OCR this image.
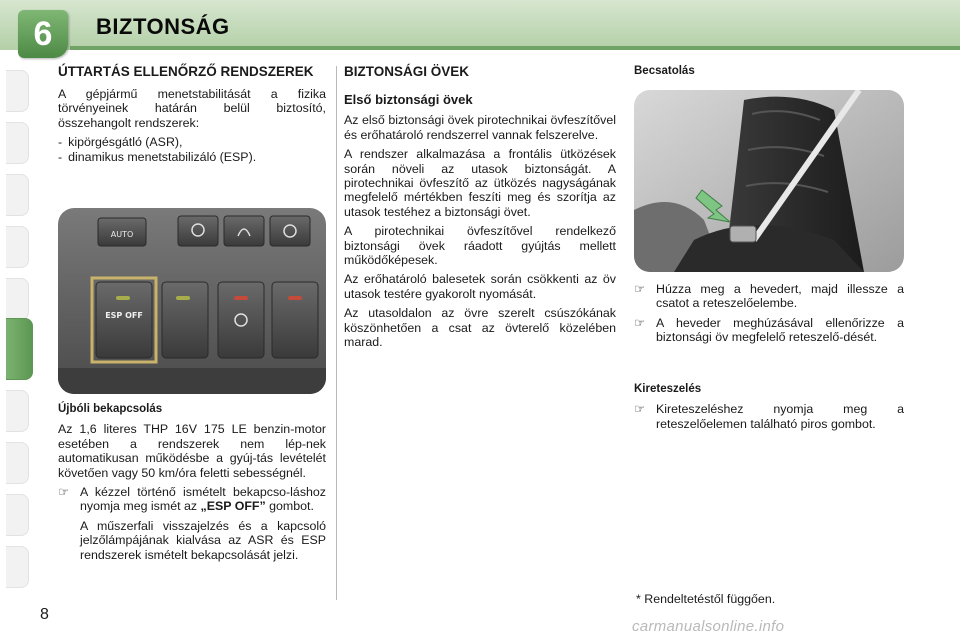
6	BIZTONSÁG
ÚTTARTÁS ELLENŐRZŐ RENDSZEREK

A gépjármű menetstabilitását a fizika törvényeinek határán belül biztosító, összehangolt rendszerek:

- kipörgésgátló (ASR),
- dinamikus menetstabilizáló (ESP).
AUTO
ESP OFF
Újbóli bekapcsolás

Az 1,6 literes THP 16V 175 LE benzin-motor esetében a rendszerek nem lép-nek automatikusan működésbe a gyúj-tás levételét követően vagy 50 km/óra feletti sebességnél.

☞ A kézzel történő ismételt bekapcso-láshoz nyomja meg ismét az „ESP OFF” gombot.

A műszerfali visszajelzés és a kapcsoló jelzőlámpájának kialvása az ASR és ESP rendszerek ismételt bekapcsolását jelzi.

BIZTONSÁGI ÖVEK
Első biztonsági övek

Az első biztonsági övek pirotechnikai övfeszítővel és erőhatároló rendszerrel vannak felszerelve.

A rendszer alkalmazása a frontális ütközések során növeli az utasok biztonságát. A pirotechnikai övfeszítő az ütközés nagyságának megfelelő mértékben feszíti meg és szorítja az utasok testéhez a biztonsági övet.

A pirotechnikai övfeszítővel rendelkező biztonsági övek ráadott gyújtás mellett működőképesek.

Az erőhatároló balesetek során csökkenti az öv utasok testére gyakorolt nyomását.

Az utasoldalon az övre szerelt csúszókának köszönhetően a csat az övterelő közelében marad.

Becsatolás
☞ Húzza meg a hevedert, majd illessze a csatot a reteszelőelembe.
☞ A heveder meghúzásával ellenőrizze a biztonsági öv megfelelő reteszelő-dését.
Kireteszelés
☞ Kireteszeléshez nyomja meg a reteszelőelemen található piros gombot.
* Rendeltetéstől függően.
8
carmanualsonline.info
